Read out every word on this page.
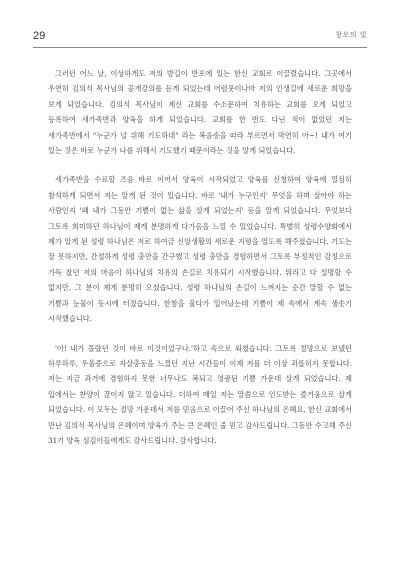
29	창오의 빛

그러던 어느 날, 이상하게도 저의 발길이 반포에 있는 한신 교회로 이끌렸습니다. 그곳에서 우연히 김의식 목사님의 공개강의를 듣게 되었는데 어렴풋이나마 저의 인생길에 새로운 희망을 보게 되었습니다. 김의식 목사님이 계신 교회를 수소문하여 치유하는 교회를 오게 되었고 등록하여 새가족반과 양육을 하게 되었습니다. 교회를 한 번도 다닌 적이 없었던 저는 새가족반에서 "누군가 널 위해 기도하네" 라는 복음송을 따라 부르면서 막연히 아~! 내가 여기 있는 것은 바로 누군가 나를 위해서 기도했기 때문이라는 것을 알게 되었습니다.

새가족반을 수료할 즈음 바로 이어서 양육이 시작되었고 양육를 신청하여 양육에 열심히 참석하게 되면서 저는 알게 된 것이 있습니다. 바로 '내가 누구인지' 무엇을 하며 살아야 하는 사람인지 '왜 내가 그동안 기쁨이 없는 삶을 살게 되었는지' 등을 알게 되었습니다. 무엇보다 그토록 희미하던 하나님이 제게 분명하게 다가옴을 느낄 수 있었습니다. 특별히 성령수양회에서 제가 알게 된 성령 하나님은 저로 하여금 신앙생활의 새로운 지평을 열도록 해주셨습니다. 기도는 잘 못하지만, 간절하게 성령 충만을 간구했고 성령 충만을 경험하면서 그토록 부정적인 감정으로 가득 찼던 저의 마음이 하나님의 치유의 손길로 치유되기 시작했습니다. 뭐라고 다 설명할 수 없지만, 그 분이 제게 분명히 오셨습니다. 성령 하나님의 손길이 느껴지는 순간 말할 수 없는 기쁨과 눈물이 동시에 터졌습니다. 한참을 울다가 일어났는데 기쁨이 제 속에서 계속 샘솟기 시작했습니다.

'아! 내가 몰랐던 것이 바로 이것이었구나.'하고 속으로 외쳤습니다. 그토록 절망으로 보냈던 하루하루, 우울증으로 자살충동을 느꼈던 지난 시간들이 이제 저를 더 이상 괴롭히지 못합니다. 저는 지금 과거에 경험하지 못한 너무나도 복되고 영광된 기쁨 가운데 살게 되었습니다. 제 입에서는 찬양이 끊이지 않고 있습니다. 더하여 매일 저는 말씀으로 인도받는 즐거움으로 살게 되었습니다. 이 모두는 절망 가운데서 저를 믿음으로 이끌어 주신 하나님의 은혜요, 한신 교회에서 만난 김의식 목사님의 은혜이며 양육가 주는 큰 은혜인 줄 믿고 감사드립니다. 그동안 수고해 주신 31기 양육 섬김이들에게도 감사드립니다. 감사합니다.
